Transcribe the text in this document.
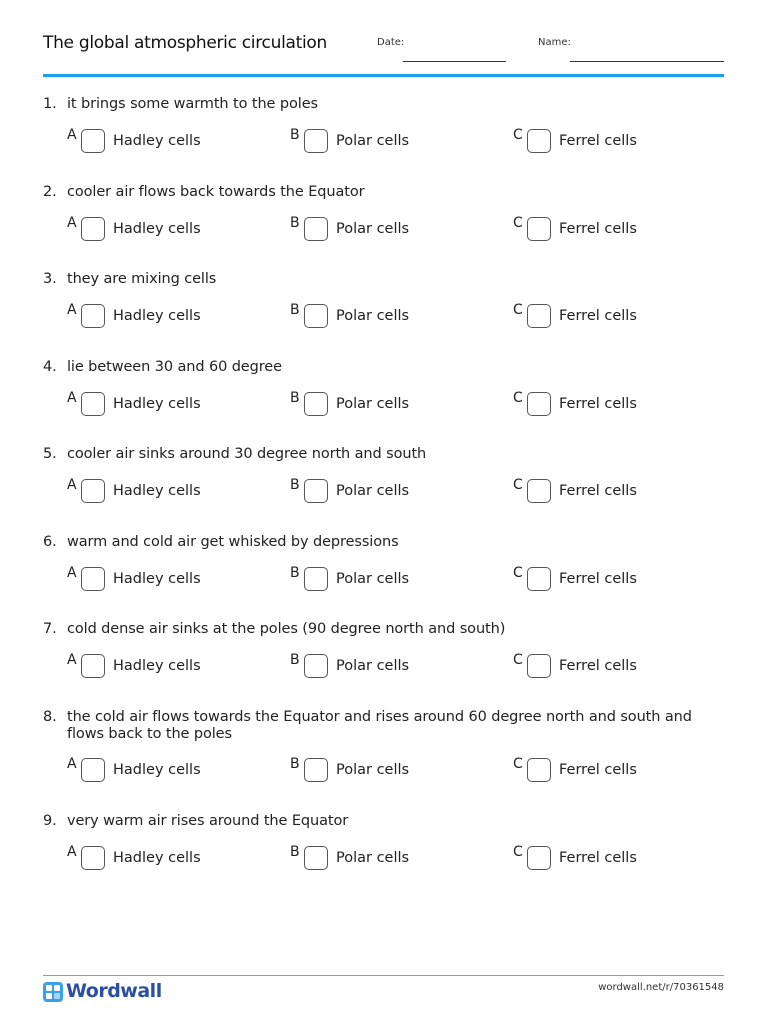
The global atmospheric circulation	Date:	Name:
1. it brings some warmth to the poles
A	Hadley cells	B	Polar cells	C Ferrel cells
2. cooler air flows back towards the Equator
A	Hadley cells	B	Polar cells	C Ferrel cells
3. they are mixing cells
A	Hadley cells	B	Polar cells	C Ferrel cells
4. lie between 30 and 60 degree
A	Hadley cells	B	Polar cells	C Ferrel cells
5. cooler air sinks around 30 degree north and south
A	Hadley cells	B	Polar cells	C Ferrel cells
6. warm and cold air get whisked by depressions
A	Hadley cells	B	Polar cells	C Ferrel cells
7. cold dense air sinks at the poles (90 degree north and south)
A	Hadley cells	B	Polar cells	C Ferrel cells
8. the cold air flows towards the Equator and rises around 60 degree north and south and flows back to the poles
A	Hadley cells	B	Polar cells	C Ferrel cells
9. very warm air rises around the Equator
A	Hadley cells	B	Polar cells	C Ferrel cells
Wordwall	wordwall.net/r/70361548
